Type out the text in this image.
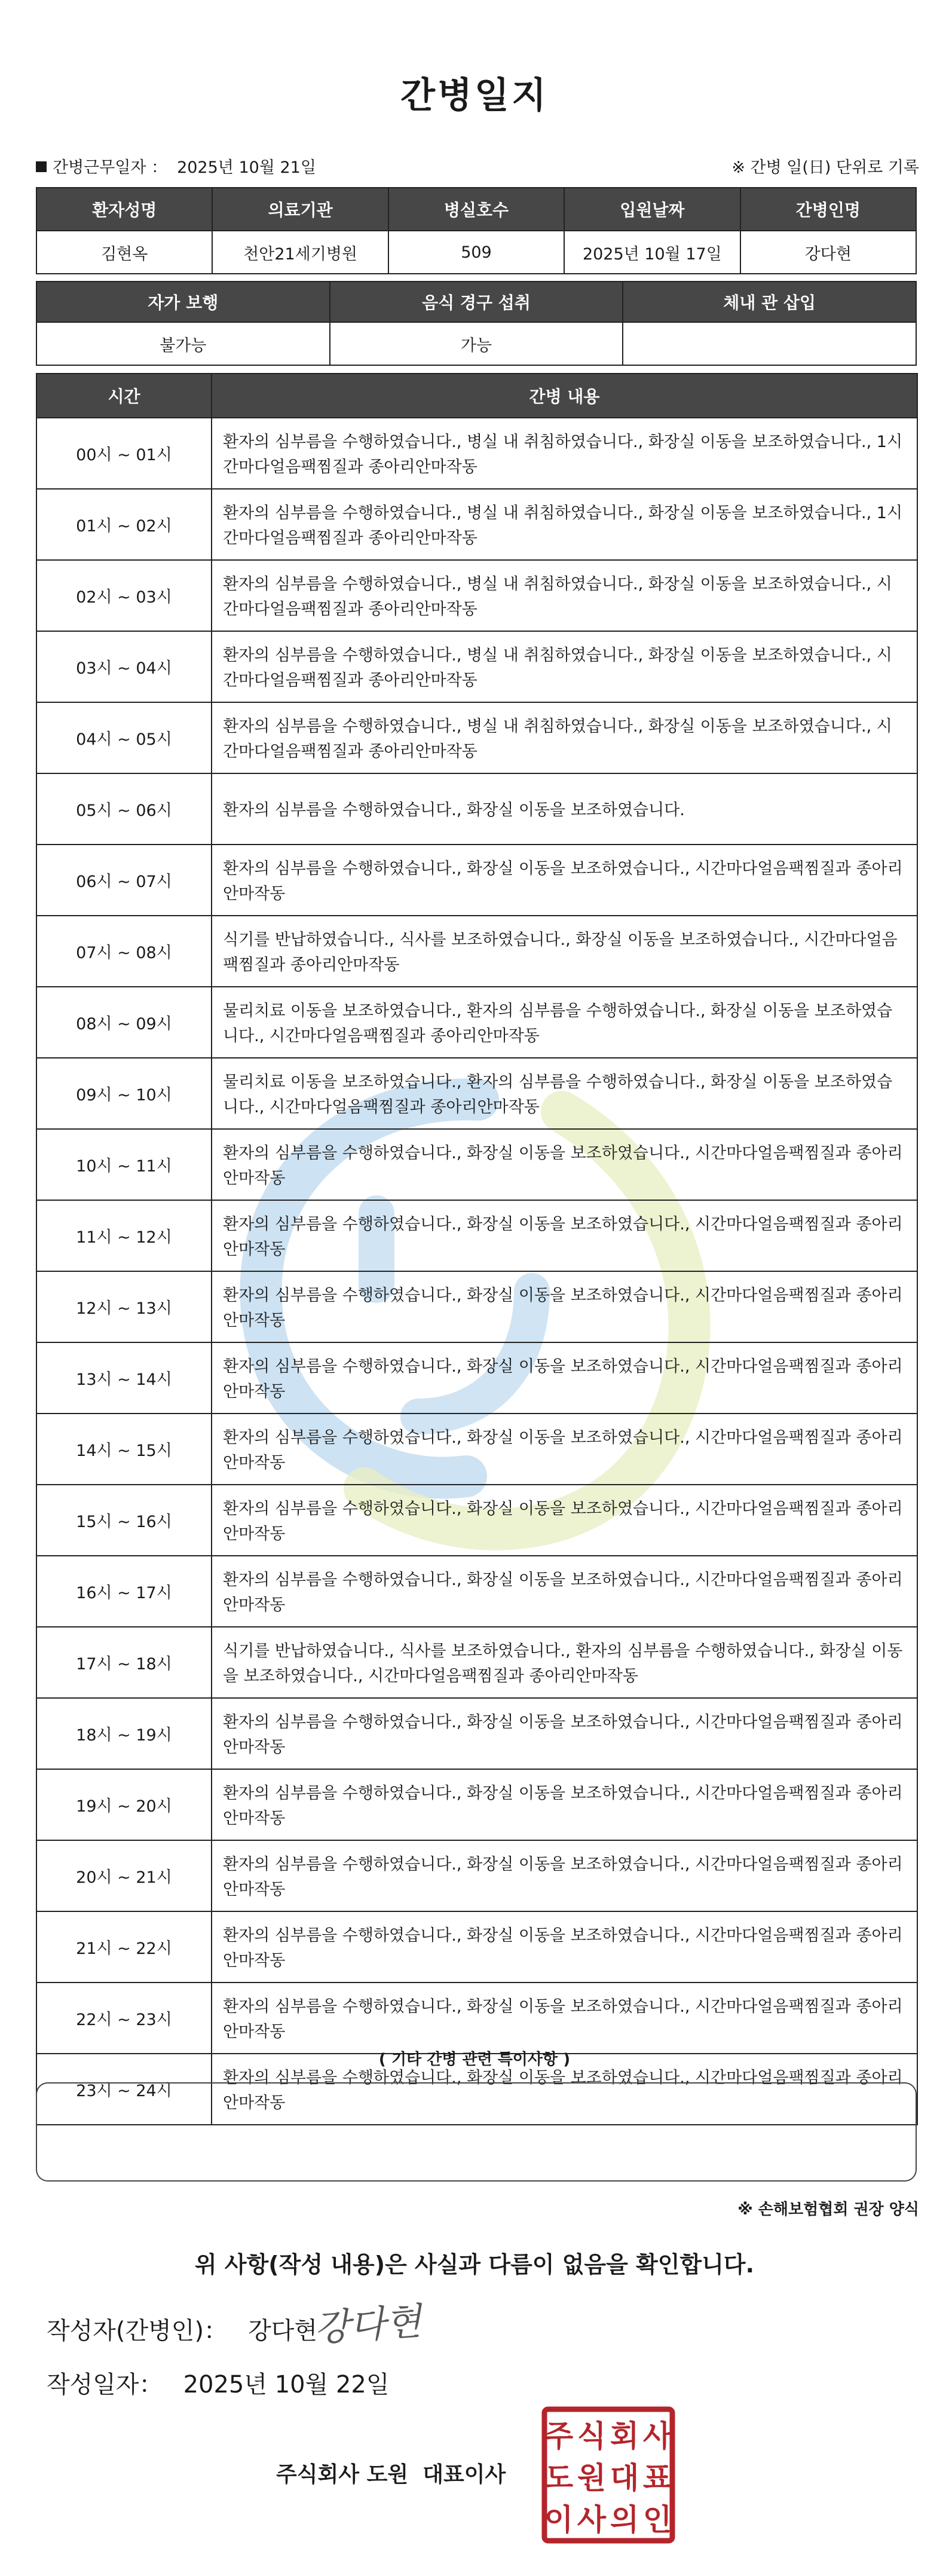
간병일지
간병근무일자 ： 2025년 10월 21일	※ 간병 일(日) 단위로 기록
환자성명	의료기관	병실호수	입원날짜	간병인명
김현옥	천안21세기병원	509	2025년 10월 17일	강다현
자가 보행	음식 경구 섭취	체내 관 삽입
불가능	가능	
시간	간병 내용
00시 ~ 01시	환자의 심부름을 수행하였습니다., 병실 내 취침하였습니다., 화장실 이동을 보조하였습니다., 1시간마다얼음팩찜질과 종아리안마작동
01시 ~ 02시	환자의 심부름을 수행하였습니다., 병실 내 취침하였습니다., 화장실 이동을 보조하였습니다., 1시간마다얼음팩찜질과 종아리안마작동
02시 ~ 03시	환자의 심부름을 수행하였습니다., 병실 내 취침하였습니다., 화장실 이동을 보조하였습니다., 시간마다얼음팩찜질과 종아리안마작동
03시 ~ 04시	환자의 심부름을 수행하였습니다., 병실 내 취침하였습니다., 화장실 이동을 보조하였습니다., 시간마다얼음팩찜질과 종아리안마작동
04시 ~ 05시	환자의 심부름을 수행하였습니다., 병실 내 취침하였습니다., 화장실 이동을 보조하였습니다., 시간마다얼음팩찜질과 종아리안마작동
05시 ~ 06시	환자의 심부름을 수행하였습니다., 화장실 이동을 보조하였습니다.
06시 ~ 07시	환자의 심부름을 수행하였습니다., 화장실 이동을 보조하였습니다., 시간마다얼음팩찜질과 종아리안마작동
07시 ~ 08시	식기를 반납하였습니다., 식사를 보조하였습니다., 화장실 이동을 보조하였습니다., 시간마다얼음팩찜질과 종아리안마작동
08시 ~ 09시	물리치료 이동을 보조하였습니다., 환자의 심부름을 수행하였습니다., 화장실 이동을 보조하였습니다., 시간마다얼음팩찜질과 종아리안마작동
09시 ~ 10시	물리치료 이동을 보조하였습니다., 환자의 심부름을 수행하였습니다., 화장실 이동을 보조하였습니다., 시간마다얼음팩찜질과 종아리안마작동
10시 ~ 11시	환자의 심부름을 수행하였습니다., 화장실 이동을 보조하였습니다., 시간마다얼음팩찜질과 종아리안마작동
11시 ~ 12시	환자의 심부름을 수행하였습니다., 화장실 이동을 보조하였습니다., 시간마다얼음팩찜질과 종아리안마작동
12시 ~ 13시	환자의 심부름을 수행하였습니다., 화장실 이동을 보조하였습니다., 시간마다얼음팩찜질과 종아리안마작동
13시 ~ 14시	환자의 심부름을 수행하였습니다., 화장실 이동을 보조하였습니다., 시간마다얼음팩찜질과 종아리안마작동
14시 ~ 15시	환자의 심부름을 수행하였습니다., 화장실 이동을 보조하였습니다., 시간마다얼음팩찜질과 종아리안마작동
15시 ~ 16시	환자의 심부름을 수행하였습니다., 화장실 이동을 보조하였습니다., 시간마다얼음팩찜질과 종아리안마작동
16시 ~ 17시	환자의 심부름을 수행하였습니다., 화장실 이동을 보조하였습니다., 시간마다얼음팩찜질과 종아리안마작동
17시 ~ 18시	식기를 반납하였습니다., 식사를 보조하였습니다., 환자의 심부름을 수행하였습니다., 화장실 이동을 보조하였습니다., 시간마다얼음팩찜질과 종아리안마작동
18시 ~ 19시	환자의 심부름을 수행하였습니다., 화장실 이동을 보조하였습니다., 시간마다얼음팩찜질과 종아리안마작동
19시 ~ 20시	환자의 심부름을 수행하였습니다., 화장실 이동을 보조하였습니다., 시간마다얼음팩찜질과 종아리안마작동
20시 ~ 21시	환자의 심부름을 수행하였습니다., 화장실 이동을 보조하였습니다., 시간마다얼음팩찜질과 종아리안마작동
21시 ~ 22시	환자의 심부름을 수행하였습니다., 화장실 이동을 보조하였습니다., 시간마다얼음팩찜질과 종아리안마작동
22시 ~ 23시	환자의 심부름을 수행하였습니다., 화장실 이동을 보조하였습니다., 시간마다얼음팩찜질과 종아리안마작동
23시 ~ 24시	환자의 심부름을 수행하였습니다., 화장실 이동을 보조하였습니다., 시간마다얼음팩찜질과 종아리안마작동
( 기타 간병 관련 특이사항 )
※ 손해보험협회 권장 양식
위 사항(작성 내용)은 사실과 다름이 없음을 확인합니다.
작성자(간병인)： 강다현
강다현
작성일자： 2025년 10월 22일
주식회사 도원 대표이사
주 식 회 사
도 원 대 표
이 사 의 인
